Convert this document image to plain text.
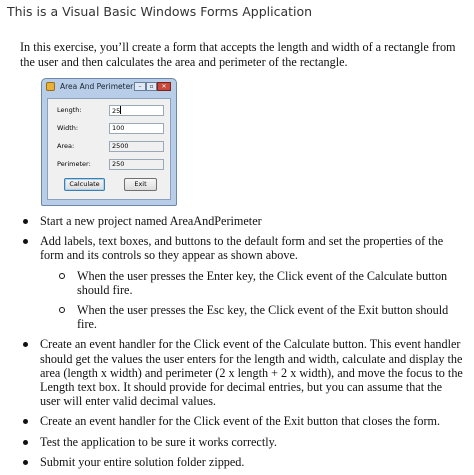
This is a Visual Basic Windows Forms Application

In this exercise, you’ll create a form that accepts the length and width of a rectangle from the user and then calculates the area and perimeter of the rectangle.

Area And Perimeter –	▫	✕
Length:	25
Width:	100
Area:	2500
Perimeter:	250
Calculate	Exit
Start a new project named AreaAndPerimeter
Add labels, text boxes, and buttons to the default form and set the properties of the form and its controls so they appear as shown above.
When the user presses the Enter key, the Click event of the Calculate button should fire.
When the user presses the Esc key, the Click event of the Exit button should fire.
Create an event handler for the Click event of the Calculate button. This event handler should get the values the user enters for the length and width, calculate and display the area (length x width) and perimeter (2 x length + 2 x width), and move the focus to the Length text box. It should provide for decimal entries, but you can assume that the user will enter valid decimal values.
Create an event handler for the Click event of the Exit button that closes the form.
Test the application to be sure it works correctly.
Submit your entire solution folder zipped.
